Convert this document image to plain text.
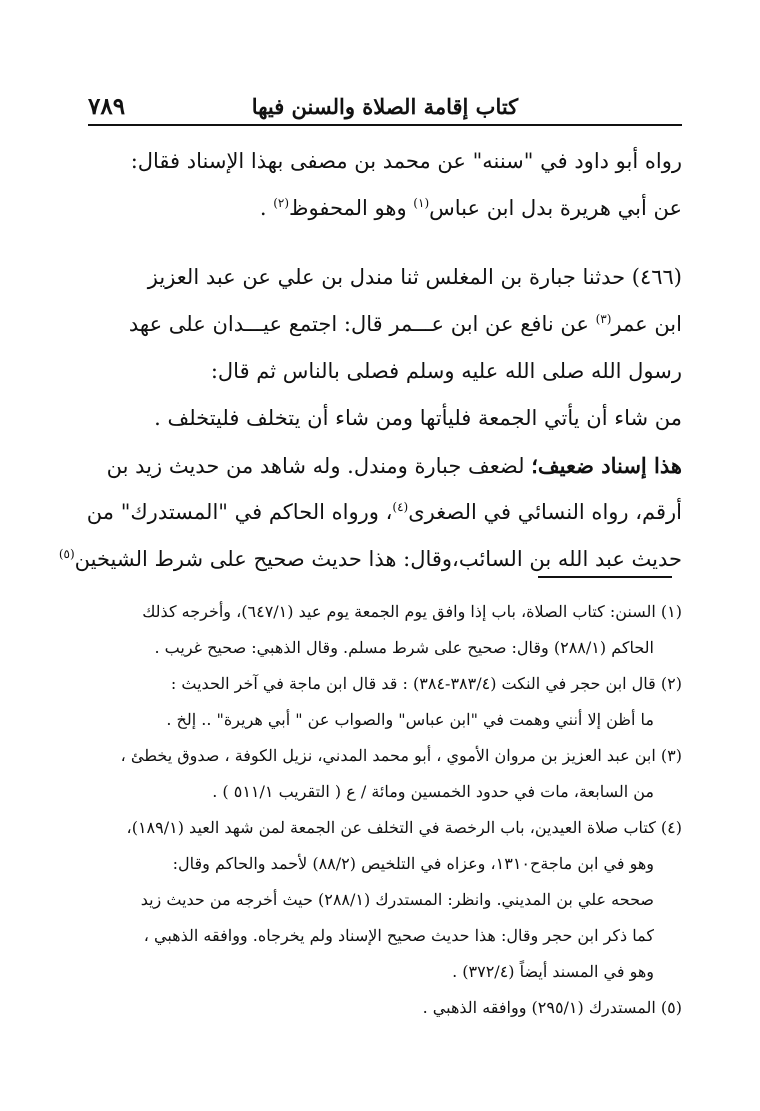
كتاب إقامة الصلاة والسنن فيها
٧٨٩
رواه أبو داود في "سننه" عن محمد بن مصفى بهذا الإسناد فقال:
عن أبي هريرة بدل ابن عباس$^{(١)}$ وهو المحفوظ$^{(٢)}$ .
(٤٦٦) حدثنا جبارة بن المغلس ثنا مندل بن علي عن عبد العزيز
ابن عمر$^{(٣)}$ عن نافع عن ابن عـــمر قال: اجتمع عيـــدان على عهد
رسول الله صلى الله عليه وسلم فصلى بالناس ثم قال:
من شاء أن يأتي الجمعة فليأتها ومن شاء أن يتخلف فليتخلف .
هذا إسناد ضعيف؛ لضعف جبارة ومندل. وله شاهد من حديث زيد بن
أرقم، رواه النسائي في الصغرى$^{(٤)}$، ورواه الحاكم في "المستدرك" من
حديث عبد الله بن السائب،وقال: هذا حديث صحيح على شرط الشيخين$^{(٥)}$
(١) السنن: كتاب الصلاة، باب إذا وافق يوم الجمعة يوم عيد (٦٤٧/١)، وأخرجه كذلك
الحاكم (٢٨٨/١) وقال: صحيح على شرط مسلم. وقال الذهبي: صحيح غريب .
(٢) قال ابن حجر في النكت (٣٨٣/٤-٣٨٤) : قد قال ابن ماجة في آخر الحديث :
ما أظن إلا أنني وهمت في "ابن عباس" والصواب عن " أبي هريرة" .. إلخ .
(٣) ابن عبد العزيز بن مروان الأموي ، أبو محمد المدني، نزيل الكوفة ، صدوق يخطئ ،
من السابعة، مات في حدود الخمسين ومائة / ع ( التقريب ٥١١/١ ) .
(٤) كتاب صلاة العيدين، باب الرخصة في التخلف عن الجمعة لمن شهد العيد (١٨٩/١)،
وهو في ابن ماجةح١٣١٠، وعزاه في التلخيص (٨٨/٢) لأحمد والحاكم وقال:
صححه علي بن المديني. وانظر: المستدرك (٢٨٨/١) حيث أخرجه من حديث زيد
كما ذكر ابن حجر وقال: هذا حديث صحيح الإسناد ولم يخرجاه. ووافقه الذهبي ،
وهو في المسند أيضاً (٣٧٢/٤) .
(٥) المستدرك (٢٩٥/١) ووافقه الذهبي .
